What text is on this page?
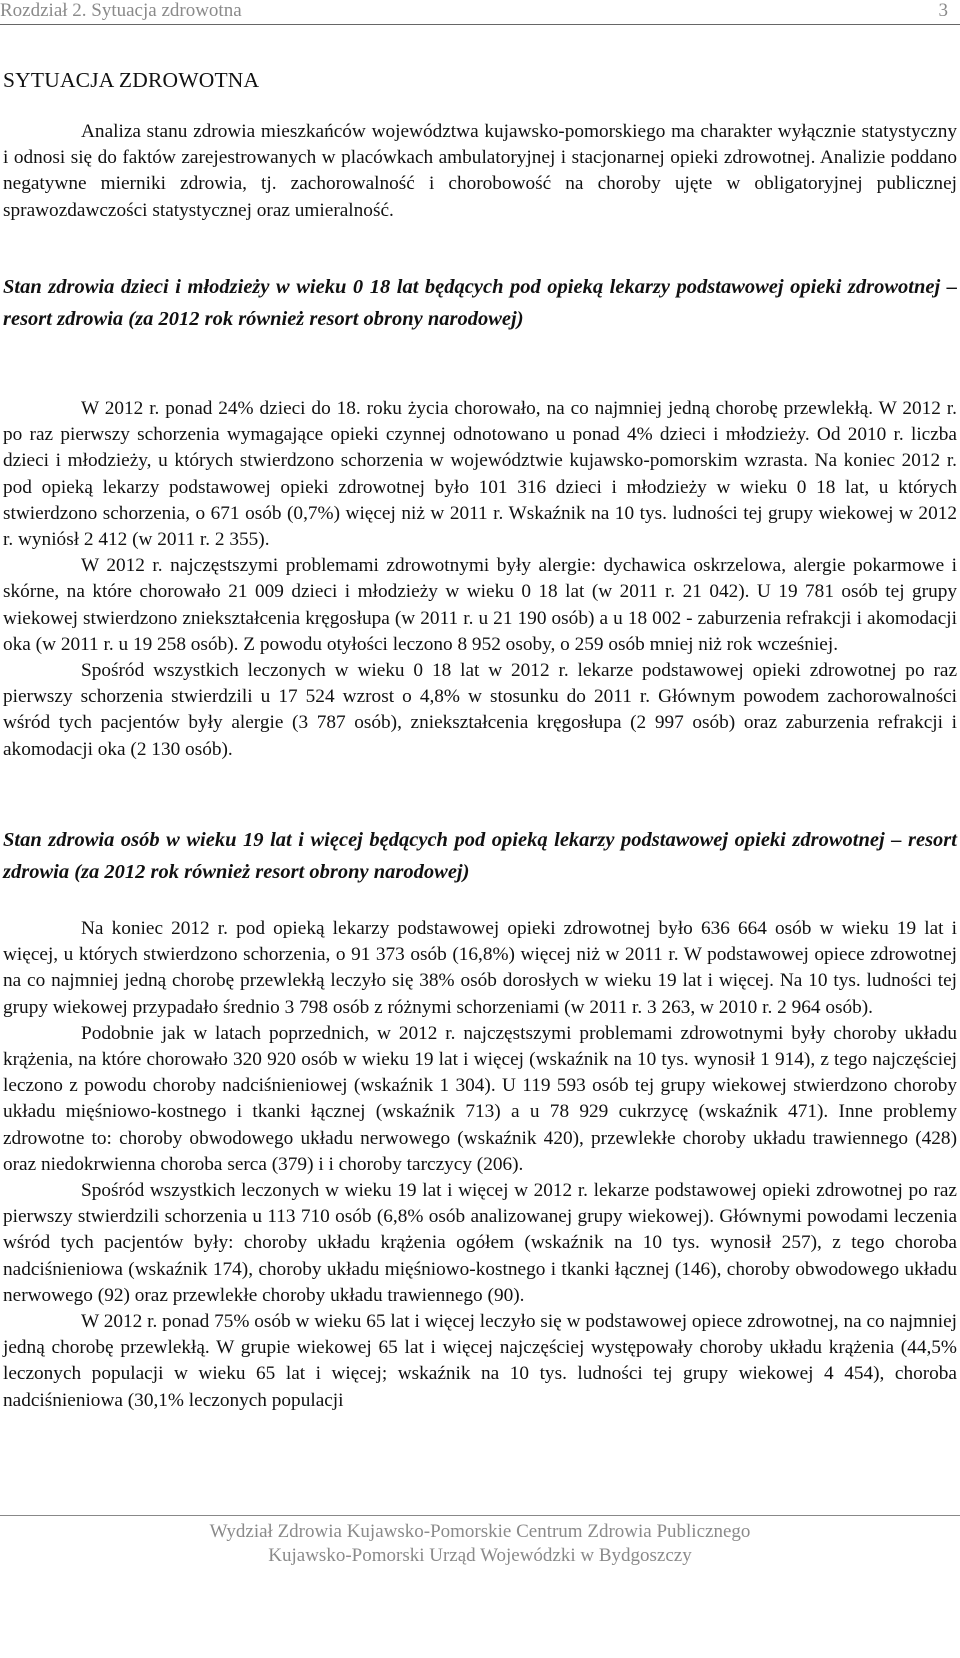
Rozdział 2. Sytuacja zdrowotna	3
SYTUACJA ZDROWOTNA

Analiza stanu zdrowia mieszkańców województwa kujawsko-pomorskiego ma charakter wyłącznie statystyczny i odnosi się do faktów zarejestrowanych w placówkach ambulatoryjnej i stacjonarnej opieki zdrowotnej. Analizie poddano negatywne mierniki zdrowia, tj. zachorowalność i chorobowość na choroby ujęte w obligatoryjnej publicznej sprawozdawczości statystycznej oraz umieralność.

Stan zdrowia dzieci i młodzieży w wieku 0 18 lat będących pod opieką lekarzy podstawowej opieki zdrowotnej – resort zdrowia (za 2012 rok również resort obrony narodowej)

W 2012 r. ponad 24% dzieci do 18. roku życia chorowało, na co najmniej jedną chorobę przewlekłą. W 2012 r. po raz pierwszy schorzenia wymagające opieki czynnej odnotowano u ponad 4% dzieci i młodzieży. Od 2010 r. liczba dzieci i młodzieży, u których stwierdzono schorzenia w województwie kujawsko-pomorskim wzrasta. Na koniec 2012 r. pod opieką lekarzy podstawowej opieki zdrowotnej było 101 316 dzieci i młodzieży w wieku 0 18 lat, u których stwierdzono schorzenia, o 671 osób (0,7%) więcej niż w 2011 r. Wskaźnik na 10 tys. ludności tej grupy wiekowej w 2012 r. wyniósł 2 412 (w 2011 r. 2 355).

W 2012 r. najczęstszymi problemami zdrowotnymi były alergie: dychawica oskrzelowa, alergie pokarmowe i skórne, na które chorowało 21 009 dzieci i młodzieży w wieku 0 18 lat (w 2011 r. 21 042). U 19 781 osób tej grupy wiekowej stwierdzono zniekształcenia kręgosłupa (w 2011 r. u 21 190 osób) a u 18 002 - zaburzenia refrakcji i akomodacji oka (w 2011 r. u 19 258 osób). Z powodu otyłości leczono 8 952 osoby, o 259 osób mniej niż rok wcześniej.

Spośród wszystkich leczonych w wieku 0 18 lat w 2012 r. lekarze podstawowej opieki zdrowotnej po raz pierwszy schorzenia stwierdzili u 17 524 wzrost o 4,8% w stosunku do 2011 r. Głównym powodem zachorowalności wśród tych pacjentów były alergie (3 787 osób), zniekształcenia kręgosłupa (2 997 osób) oraz zaburzenia refrakcji i akomodacji oka (2 130 osób).

Stan zdrowia osób w wieku 19 lat i więcej będących pod opieką lekarzy podstawowej opieki zdrowotnej – resort zdrowia (za 2012 rok również resort obrony narodowej)

Na koniec 2012 r. pod opieką lekarzy podstawowej opieki zdrowotnej było 636 664 osób w wieku 19 lat i więcej, u których stwierdzono schorzenia, o 91 373 osób (16,8%) więcej niż w 2011 r. W podstawowej opiece zdrowotnej na co najmniej jedną chorobę przewlekłą leczyło się 38% osób dorosłych w wieku 19 lat i więcej. Na 10 tys. ludności tej grupy wiekowej przypadało średnio 3 798 osób z różnymi schorzeniami (w 2011 r. 3 263, w 2010 r. 2 964 osób).

Podobnie jak w latach poprzednich, w 2012 r. najczęstszymi problemami zdrowotnymi były choroby układu krążenia, na które chorowało 320 920 osób w wieku 19 lat i więcej (wskaźnik na 10 tys. wynosił 1 914), z tego najczęściej leczono z powodu choroby nadciśnieniowej (wskaźnik 1 304). U 119 593 osób tej grupy wiekowej stwierdzono choroby układu mięśniowo-kostnego i tkanki łącznej (wskaźnik 713) a u 78 929 cukrzycę (wskaźnik 471). Inne problemy zdrowotne to: choroby obwodowego układu nerwowego (wskaźnik 420), przewlekłe choroby układu trawiennego (428) oraz niedokrwienna choroba serca (379) i i choroby tarczycy (206).

Spośród wszystkich leczonych w wieku 19 lat i więcej w 2012 r. lekarze podstawowej opieki zdrowotnej po raz pierwszy stwierdzili schorzenia u 113 710 osób (6,8% osób analizowanej grupy wiekowej). Głównymi powodami leczenia wśród tych pacjentów były: choroby układu krążenia ogółem (wskaźnik na 10 tys. wynosił 257), z tego choroba nadciśnieniowa (wskaźnik 174), choroby układu mięśniowo-kostnego i tkanki łącznej (146), choroby obwodowego układu nerwowego (92) oraz przewlekłe choroby układu trawiennego (90).

W 2012 r. ponad 75% osób w wieku 65 lat i więcej leczyło się w podstawowej opiece zdrowotnej, na co najmniej jedną chorobę przewlekłą. W grupie wiekowej 65 lat i więcej najczęściej występowały choroby układu krążenia (44,5% leczonych populacji w wieku 65 lat i więcej; wskaźnik na 10 tys. ludności tej grupy wiekowej 4 454), choroba nadciśnieniowa (30,1% leczonych populacji

Wydział Zdrowia Kujawsko-Pomorskie Centrum Zdrowia Publicznego
Kujawsko-Pomorski Urząd Wojewódzki w Bydgoszczy
